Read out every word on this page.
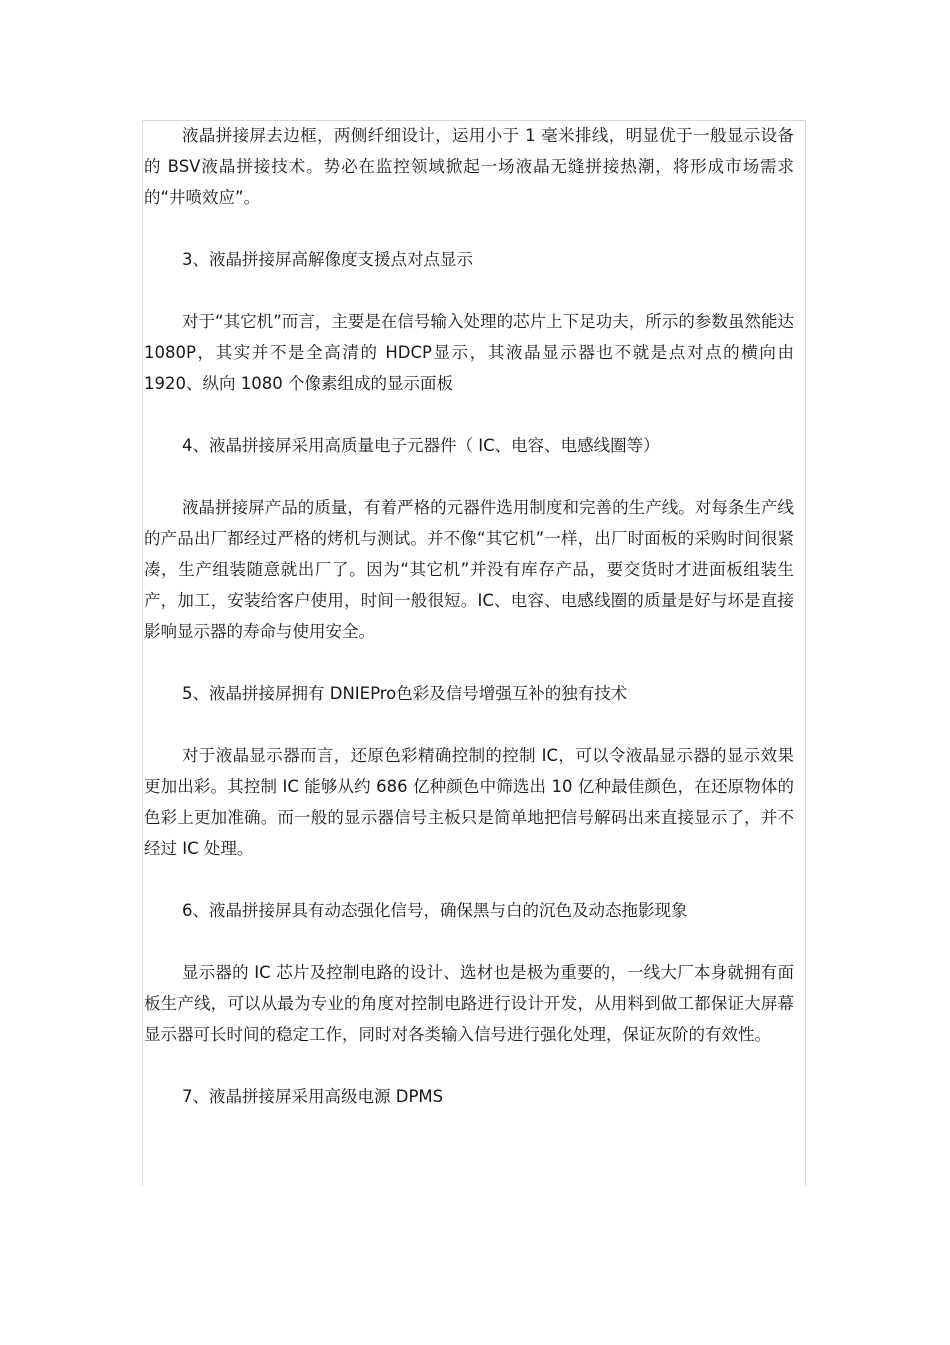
液晶拼接屏去边框，两侧纤细设计，运用小于 1 毫米排线，明显优于一般显示设备的 BSV液晶拼接技术。势必在监控领域掀起一场液晶无缝拼接热潮，将形成市场需求的“井喷效应”。

3、液晶拼接屏高解像度支援点对点显示

对于“其它机”而言，主要是在信号输入处理的芯片上下足功夫，所示的参数虽然能达 1080P，其实并不是全高清的 HDCP显示，其液晶显示器也不就是点对点的横向由 1920、纵向 1080 个像素组成的显示面板

4、液晶拼接屏采用高质量电子元器件（ IC、电容、电感线圈等）

液晶拼接屏产品的质量，有着严格的元器件选用制度和完善的生产线。对每条生产线的产品出厂都经过严格的烤机与测试。并不像“其它机”一样，出厂时面板的采购时间很紧凑，生产组装随意就出厂了。因为“其它机”并没有库存产品，要交货时才进面板组装生产，加工，安装给客户使用，时间一般很短。IC、电容、电感线圈的质量是好与坏是直接影响显示器的寿命与使用安全。

5、液晶拼接屏拥有 DNIEPro色彩及信号增强互补的独有技术

对于液晶显示器而言，还原色彩精确控制的控制 IC，可以令液晶显示器的显示效果更加出彩。其控制 IC 能够从约 686 亿种颜色中筛选出 10 亿种最佳颜色，在还原物体的色彩上更加准确。而一般的显示器信号主板只是简单地把信号解码出来直接显示了，并不经过 IC 处理。

6、液晶拼接屏具有动态强化信号，确保黑与白的沉色及动态拖影现象

显示器的 IC 芯片及控制电路的设计、选材也是极为重要的，一线大厂本身就拥有面板生产线，可以从最为专业的角度对控制电路进行设计开发，从用料到做工都保证大屏幕显示器可长时间的稳定工作，同时对各类输入信号进行强化处理，保证灰阶的有效性。

7、液晶拼接屏采用高级电源 DPMS
